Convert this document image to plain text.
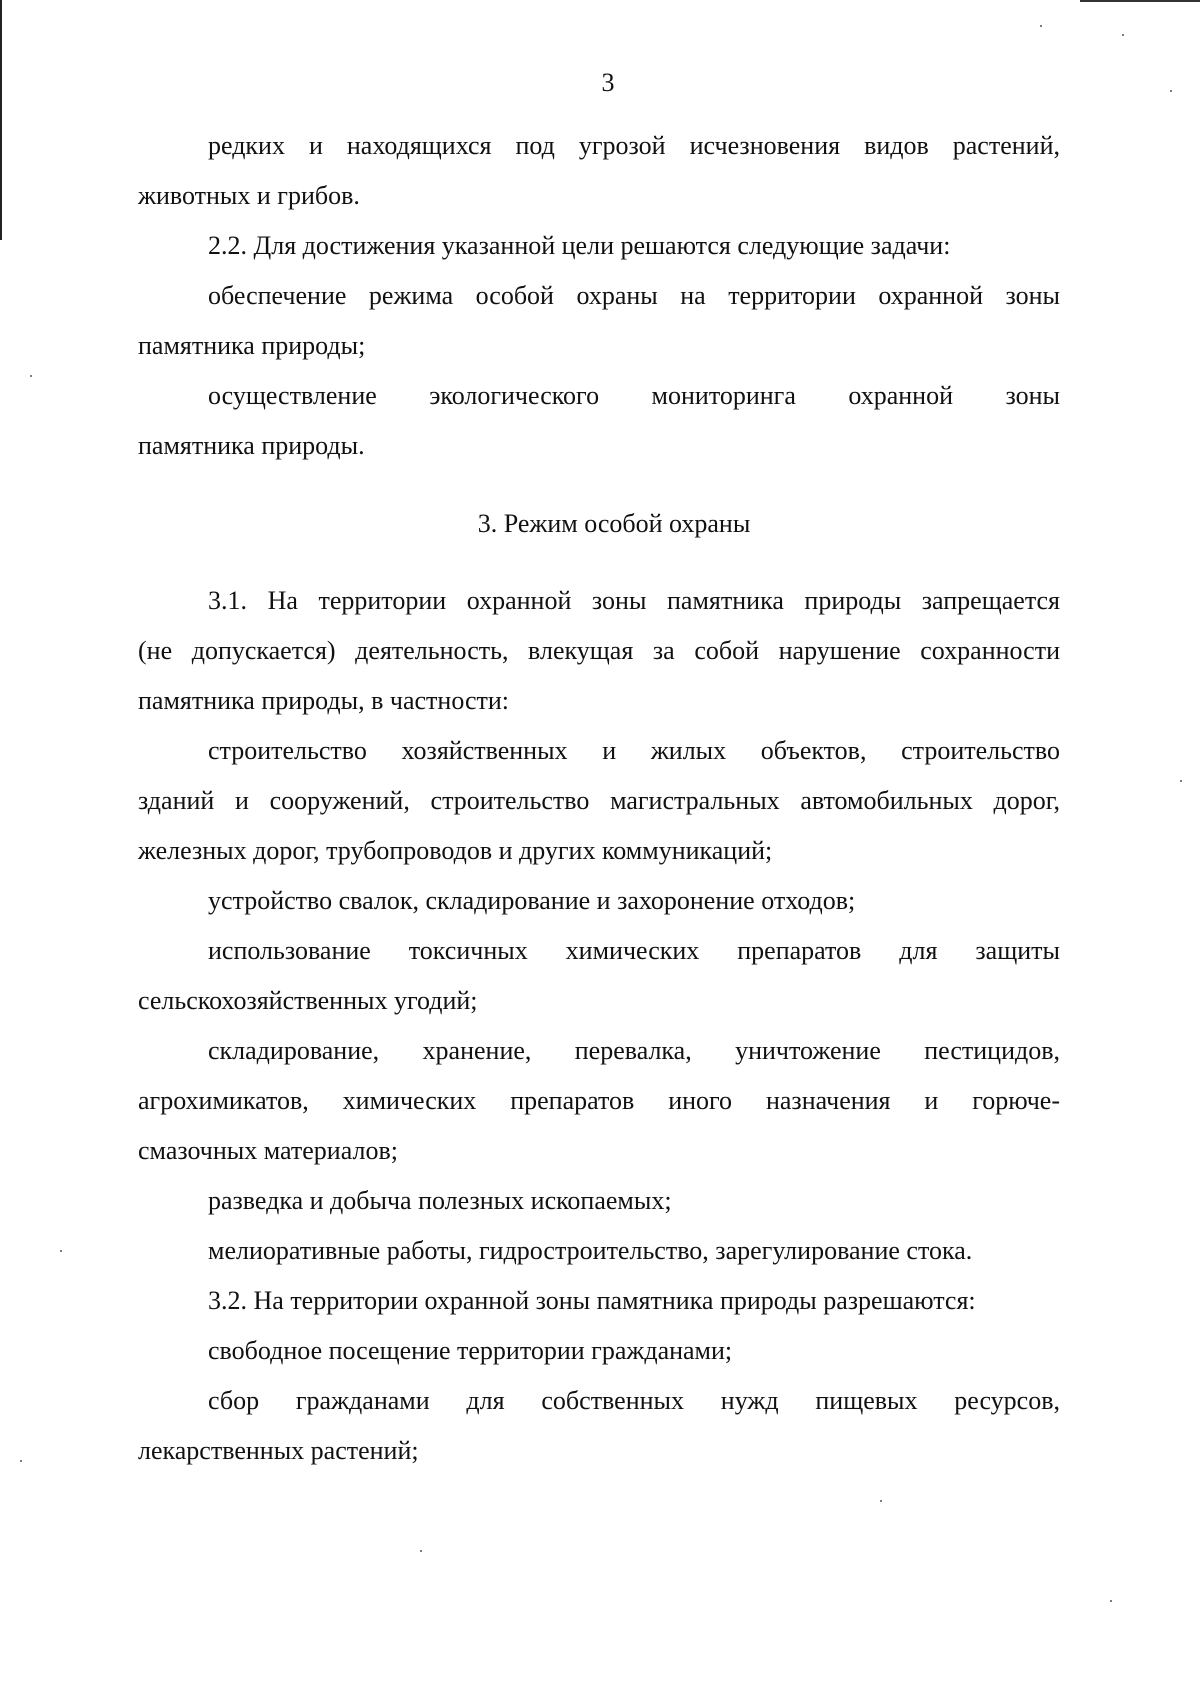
3
редких и находящихся под угрозой исчезновения видов растений,
животных и грибов.
2.2. Для достижения указанной цели решаются следующие задачи:
обеспечение режима особой охраны на территории охранной зоны
памятника природы;
осуществление экологического мониторинга охранной зоны
памятника природы.
3. Режим особой охраны
3.1. На территории охранной зоны памятника природы запрещается
(не допускается) деятельность, влекущая за собой нарушение сохранности
памятника природы, в частности:
строительство хозяйственных и жилых объектов, строительство
зданий и сооружений, строительство магистральных автомобильных дорог,
железных дорог, трубопроводов и других коммуникаций;
устройство свалок, складирование и захоронение отходов;
использование токсичных химических препаратов для защиты
сельскохозяйственных угодий;
складирование, хранение, перевалка, уничтожение пестицидов,
агрохимикатов, химических препаратов иного назначения и горюче-
смазочных материалов;
разведка и добыча полезных ископаемых;
мелиоративные работы, гидростроительство, зарегулирование стока.
3.2. На территории охранной зоны памятника природы разрешаются:
свободное посещение территории гражданами;
сбор гражданами для собственных нужд пищевых ресурсов,
лекарственных растений;
